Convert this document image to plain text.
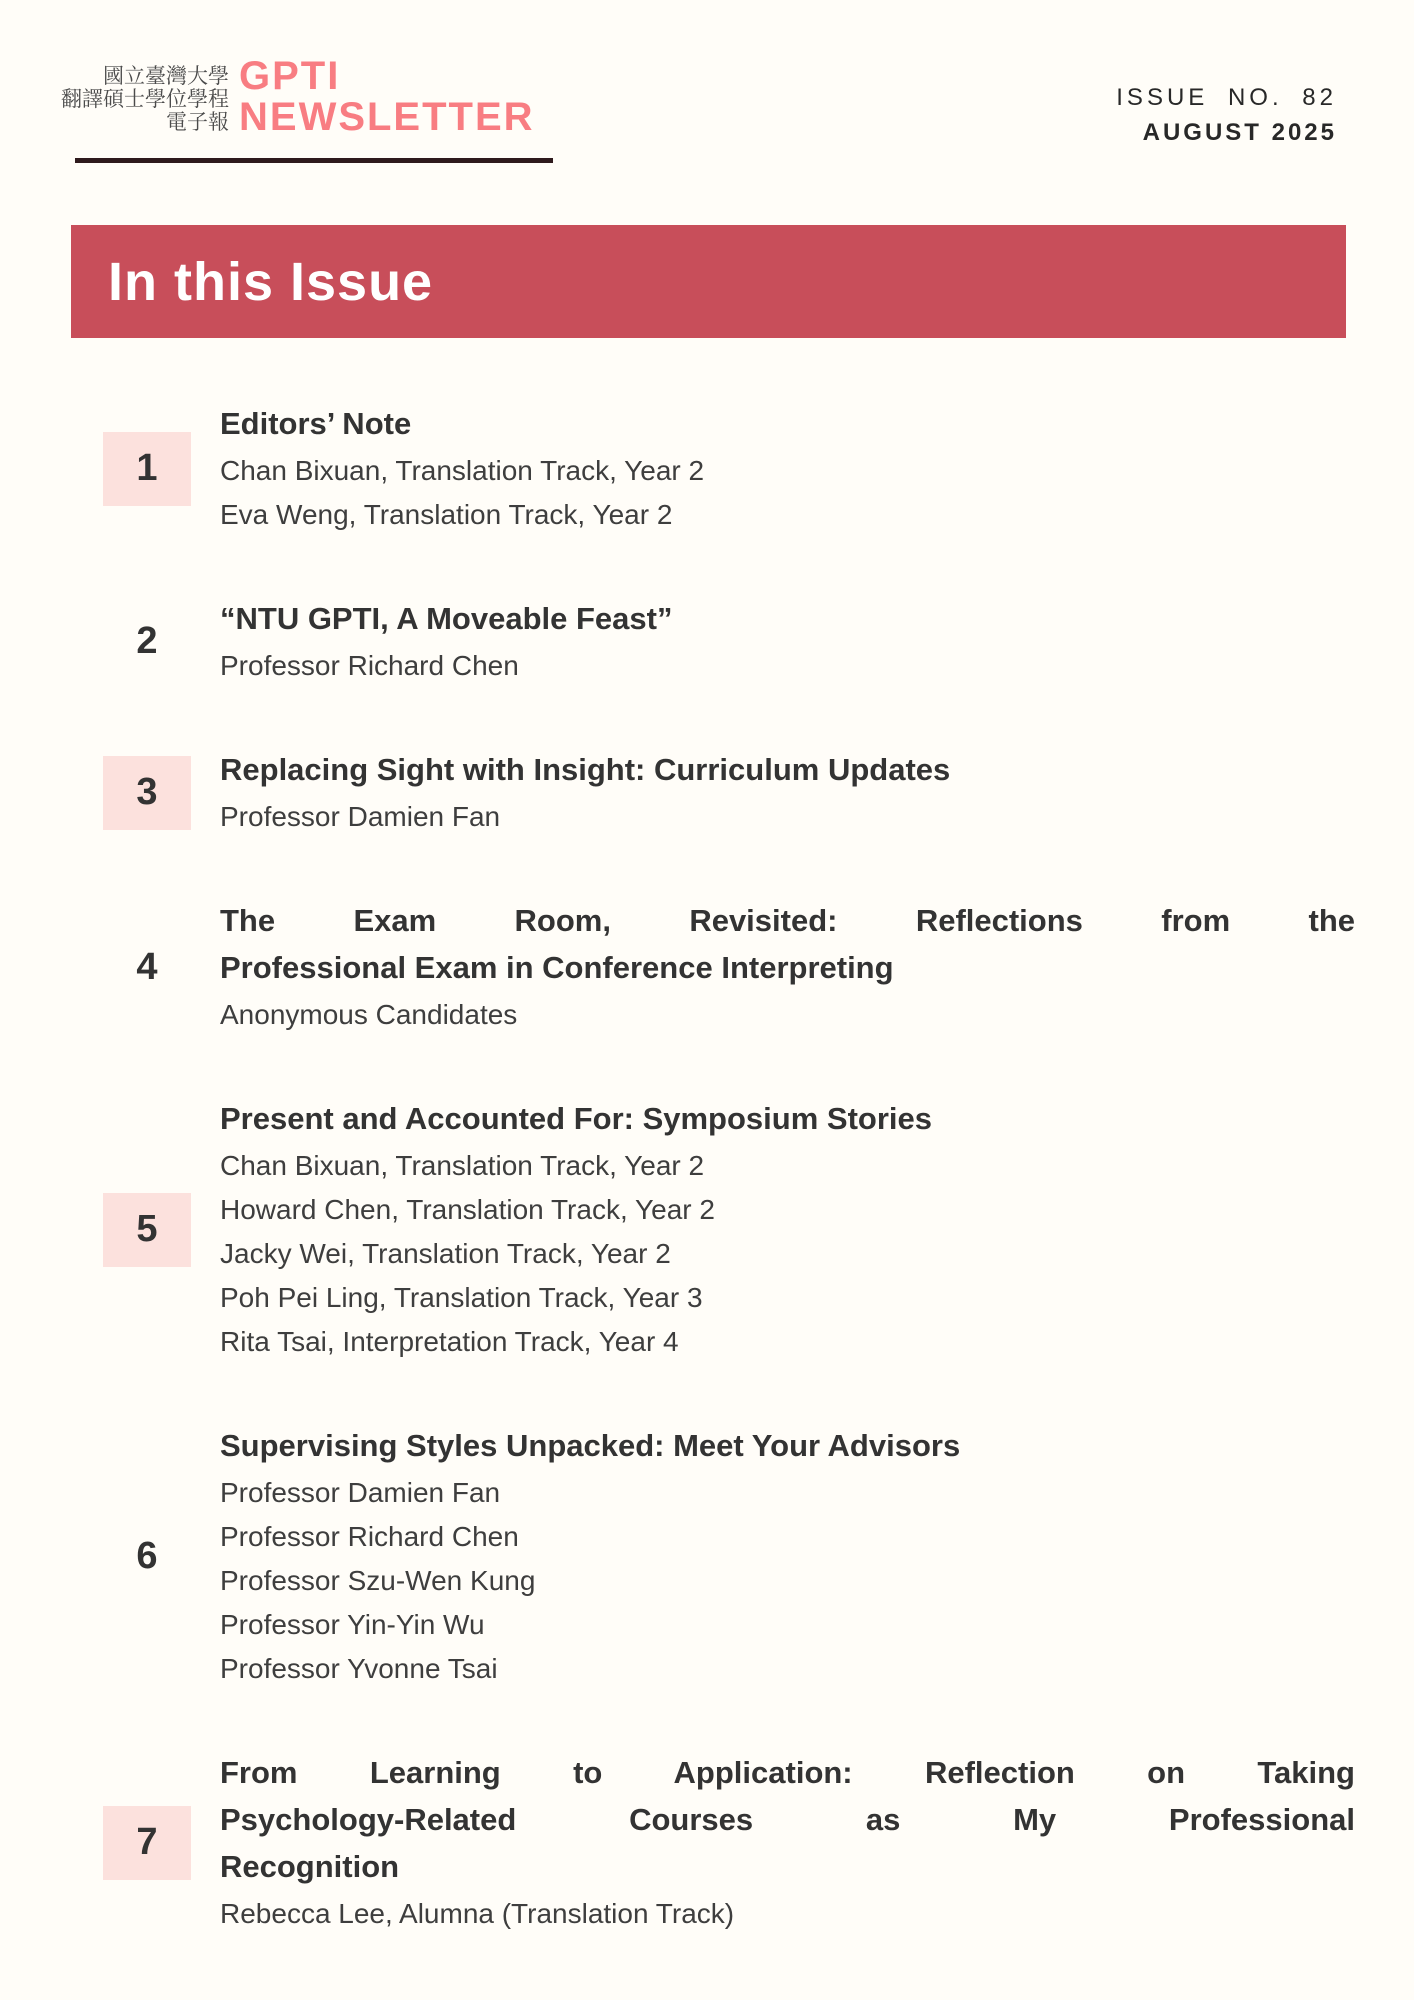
國立臺灣大學
翻譯碩士學位學程
電子報
GPTI
NEWSLETTER	ISSUE NO. 82
AUGUST 2025
In this Issue
1
Editors’ Note
Chan Bixuan, Translation Track, Year 2
Eva Weng, Translation Track, Year 2
2
“NTU GPTI, A Moveable Feast”
Professor Richard Chen
3
Replacing Sight with Insight: Curriculum Updates
Professor Damien Fan
4
The Exam Room, Revisited: Reflections from the
Professional Exam in Conference Interpreting
Anonymous Candidates
5
Present and Accounted For: Symposium Stories
Chan Bixuan, Translation Track, Year 2
Howard Chen, Translation Track, Year 2
Jacky Wei, Translation Track, Year 2
Poh Pei Ling, Translation Track, Year 3
Rita Tsai, Interpretation Track, Year 4
6
Supervising Styles Unpacked: Meet Your Advisors
Professor Damien Fan
Professor Richard Chen
Professor Szu-Wen Kung
Professor Yin-Yin Wu
Professor Yvonne Tsai
7
From Learning to Application: Reflection on Taking
Psychology-Related Courses as My Professional
Recognition
Rebecca Lee, Alumna (Translation Track)
